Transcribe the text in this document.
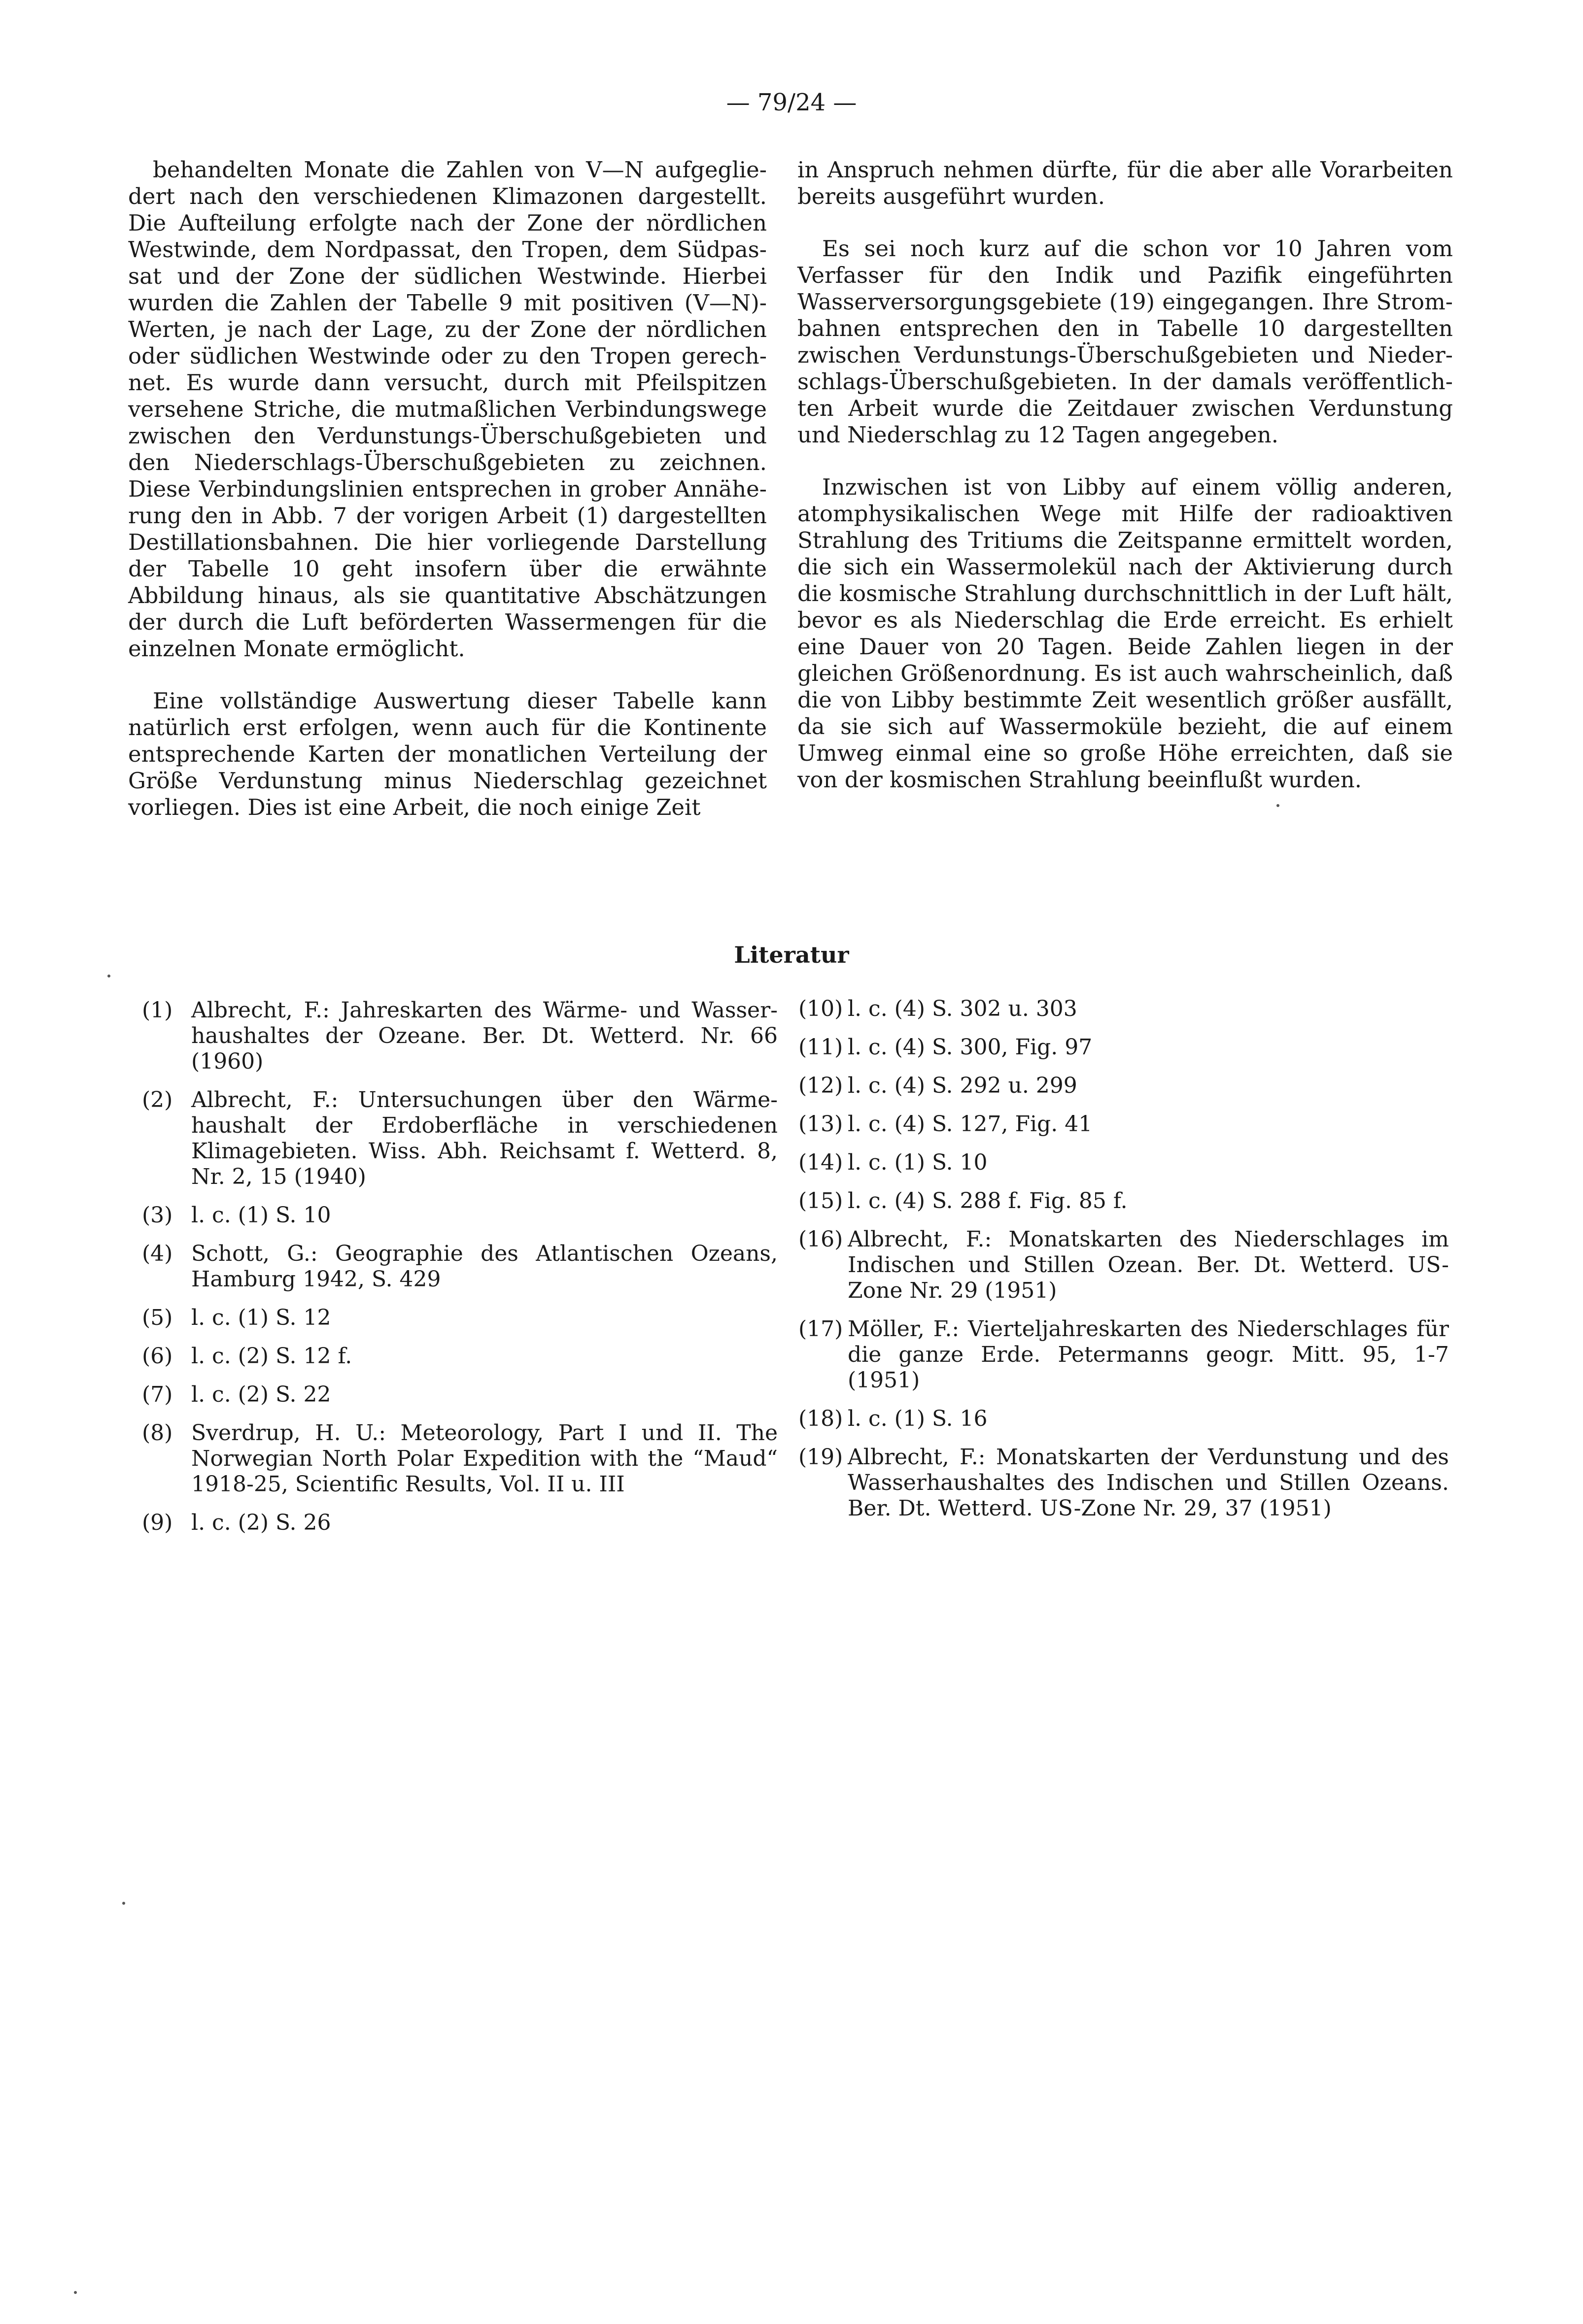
— 79/24 —

behandelten Monate die Zahlen von V—N aufgegliedert nach den verschiedenen Klimazonen dargestellt. Die Aufteilung erfolgte nach der Zone der nördlichen Westwinde, dem Nordpassat, den Tropen, dem Südpassat und der Zone der südlichen Westwinde. Hierbei wurden die Zahlen der Tabelle 9 mit positiven (V—N)-Werten, je nach der Lage, zu der Zone der nördlichen oder südlichen Westwinde oder zu den Tropen gerechnet. Es wurde dann versucht, durch mit Pfeilspitzen versehene Striche, die mutmaßlichen Verbindungswege zwischen den Verdunstungs-Überschußgebieten und den Niederschlags-Überschußgebieten zu zeichnen. Diese Verbindungslinien entsprechen in grober Annäherung den in Abb. 7 der vorigen Arbeit (1) dargestellten Destillationsbahnen. Die hier vorliegende Darstellung der Tabelle 10 geht insofern über die erwähnte Abbildung hinaus, als sie quantitative Abschätzungen der durch die Luft beförderten Wassermengen für die einzelnen Monate ermöglicht.

Eine vollständige Auswertung dieser Tabelle kann natürlich erst erfolgen, wenn auch für die Kontinente entsprechende Karten der monatlichen Verteilung der Größe Verdunstung minus Niederschlag gezeichnet vorliegen. Dies ist eine Arbeit, die noch einige Zeit

in Anspruch nehmen dürfte, für die aber alle Vorarbeiten bereits ausgeführt wurden.

Es sei noch kurz auf die schon vor 10 Jahren vom Verfasser für den Indik und Pazifik eingeführten Wasserversorgungsgebiete (19) eingegangen. Ihre Strombahnen entsprechen den in Tabelle 10 dargestellten zwischen Verdunstungs-Überschußgebieten und Niederschlags-Überschußgebieten. In der damals veröffentlichten Arbeit wurde die Zeitdauer zwischen Verdunstung und Niederschlag zu 12 Tagen angegeben.

Inzwischen ist von Libby auf einem völlig anderen, atomphysikalischen Wege mit Hilfe der radioaktiven Strahlung des Tritiums die Zeitspanne ermittelt worden, die sich ein Wassermolekül nach der Aktivierung durch die kosmische Strahlung durchschnittlich in der Luft hält, bevor es als Niederschlag die Erde erreicht. Es erhielt eine Dauer von 20 Tagen. Beide Zahlen liegen in der gleichen Größenordnung. Es ist auch wahrscheinlich, daß die von Libby bestimmte Zeit wesentlich größer ausfällt, da sie sich auf Wassermoküle bezieht, die auf einem Umweg einmal eine so große Höhe erreichten, daß sie von der kosmischen Strahlung beeinflußt wurden.

Literatur
(1) Albrecht, F.: Jahreskarten des Wärme- und Wasserhaushaltes der Ozeane. Ber. Dt. Wetterd. Nr. 66 (1960)
(2) Albrecht, F.: Untersuchungen über den Wärmehaushalt der Erdoberfläche in verschiedenen Klimagebieten. Wiss. Abh. Reichsamt f. Wetterd. 8, Nr. 2, 15 (1940)
(3) l. c. (1) S. 10
(4) Schott, G.: Geographie des Atlantischen Ozeans, Hamburg 1942, S. 429
(5) l. c. (1) S. 12
(6) l. c. (2) S. 12 f.
(7) l. c. (2) S. 22
(8) Sverdrup, H. U.: Meteorology, Part I und II. The Norwegian North Polar Expedition with the “Maud“ 1918-25, Scientific Results, Vol. II u. III
(9) l. c. (2) S. 26
(10) l. c. (4) S. 302 u. 303
(11) l. c. (4) S. 300, Fig. 97
(12) l. c. (4) S. 292 u. 299
(13) l. c. (4) S. 127, Fig. 41
(14) l. c. (1) S. 10
(15) l. c. (4) S. 288 f. Fig. 85 f.
(16) Albrecht, F.: Monatskarten des Niederschlages im Indischen und Stillen Ozean. Ber. Dt. Wetterd. US-Zone Nr. 29 (1951)
(17) Möller, F.: Vierteljahreskarten des Niederschlages für die ganze Erde. Petermanns geogr. Mitt. 95, 1-7 (1951)
(18) l. c. (1) S. 16
(19) Albrecht, F.: Monatskarten der Verdunstung und des Wasserhaushaltes des Indischen und Stillen Ozeans. Ber. Dt. Wetterd. US-Zone Nr. 29, 37 (1951)
